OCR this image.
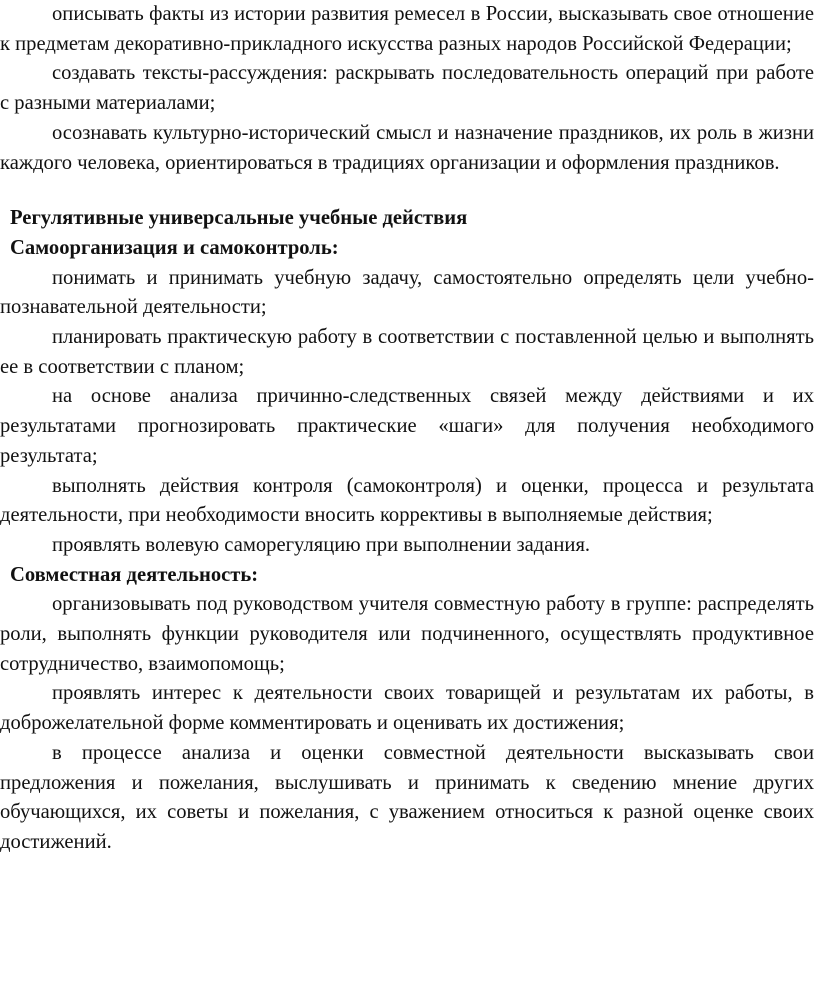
описывать факты из истории развития ремесел в России, высказывать свое отношение к предметам декоративно-прикладного искусства разных народов Российской Федерации;

создавать тексты-рассуждения: раскрывать последовательность операций при работе с разными материалами;

осознавать культурно-исторический смысл и назначение праздников, их роль в жизни каждого человека, ориентироваться в традициях организации и оформления праздников.

Регулятивные универсальные учебные действия

Самоорганизация и самоконтроль:

понимать и принимать учебную задачу, самостоятельно определять цели учебно-познавательной деятельности;

планировать практическую работу в соответствии с поставленной целью и выполнять ее в соответствии с планом;

на основе анализа причинно-следственных связей между действиями и их результатами прогнозировать практические «шаги» для получения необходимого результата;

выполнять действия контроля (самоконтроля) и оценки, процесса и результата деятельности, при необходимости вносить коррективы в выполняемые действия;

проявлять волевую саморегуляцию при выполнении задания.

Совместная деятельность:

организовывать под руководством учителя совместную работу в группе: распределять роли, выполнять функции руководителя или подчиненного, осуществлять продуктивное сотрудничество, взаимопомощь;

проявлять интерес к деятельности своих товарищей и результатам их работы, в доброжелательной форме комментировать и оценивать их достижения;

в процессе анализа и оценки совместной деятельности высказывать свои предложения и пожелания, выслушивать и принимать к сведению мнение других обучающихся, их советы и пожелания, с уважением относиться к разной оценке своих достижений.
